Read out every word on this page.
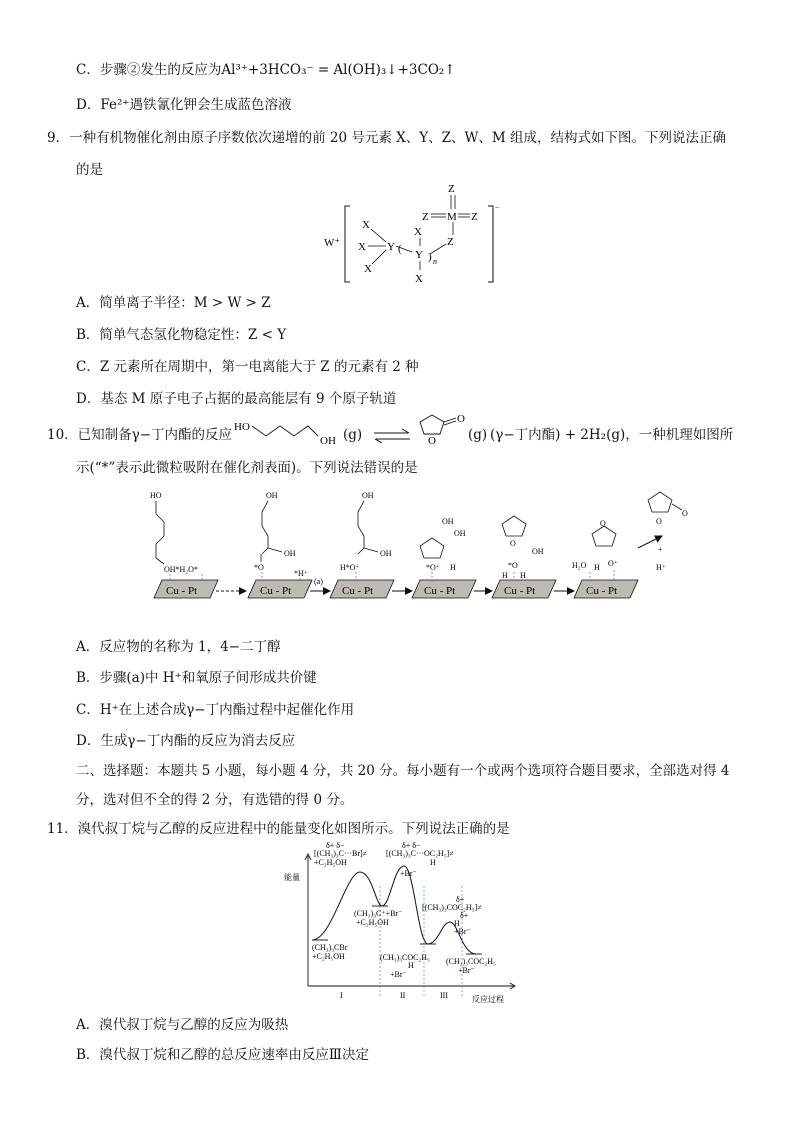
C．步骤②发生的反应为Al³⁺+3HCO₃⁻ = Al(OH)₃↓+3CO₂↑
D．Fe²⁺遇铁氰化钾会生成蓝色溶液
9．一种有机物催化剂由原子序数依次递增的前 20 号元素 X、Y、Z、W、M 组成，结构式如下图。下列说法正确
的是
W⁺
−
X
X
X
Y (
X
Y
X
) n
Z
M
Z
Z	Z
A．简单离子半径：M > W > Z
B．简单气态氢化物稳定性：Z < Y
C．Z 元素所在周期中，第一电离能大于 Z 的元素有 2 种
D．基态 M 原子电子占据的最高能层有 9 个原子轨道
10．已知制备γ−丁内酯的反应 HO
OH (g) ⇌
O
O (g) (γ−丁内酯) + 2H₂(g)，一种机理如图所
示(“*”表示此微粒吸附在催化剂表面)。下列说法错误的是
Cu - Pt	Cu - Pt	Cu - Pt	Cu - Pt	Cu - Pt	Cu - Pt
(a)
HO
OH*H₂O*
OH
OH
*O
*H⁺
OH
OH
H*O⁺
OH
OH
*O⁺ H
O
OH
*O
H H
O
H₂O H O⁺
O
O
+
H⁺
A．反应物的名称为 1，4−二丁醇
B．步骤(a)中 H⁺和氧原子间形成共价键
C．H⁺在上述合成γ−丁内酯过程中起催化作用
D．生成γ−丁内酯的反应为消去反应
二、选择题：本题共 5 小题，每小题 4 分，共 20 分。每小题有一个或两个选项符合题目要求，全部选对得 4
分，选对但不全的得 2 分，有选错的得 0 分。
11．溴代叔丁烷与乙醇的反应进程中的能量变化如图所示。下列说法正确的是
能量
反应过程
I	II	III
δ+ δ−
[(CH₃)₃C···Br]≠
+C₂H₅OH
δ+ δ−
[(CH₃)₃C···OC₂H₅]≠
H
+Br⁻
(CH₃)₃C⁺+Br⁻
+C₂H₅OH
δ+
[(CH₃)₃COC₂H₅]≠
δ+
H
+Br⁻
(CH₃)₃CBr
+C₂H₅OH	(CH₃)₃COC₂H₅
H
+Br⁻
(CH₃)₃COC₂H₅
+Br⁻
A．溴代叔丁烷与乙醇的反应为吸热
B．溴代叔丁烷和乙醇的总反应速率由反应Ⅲ决定
